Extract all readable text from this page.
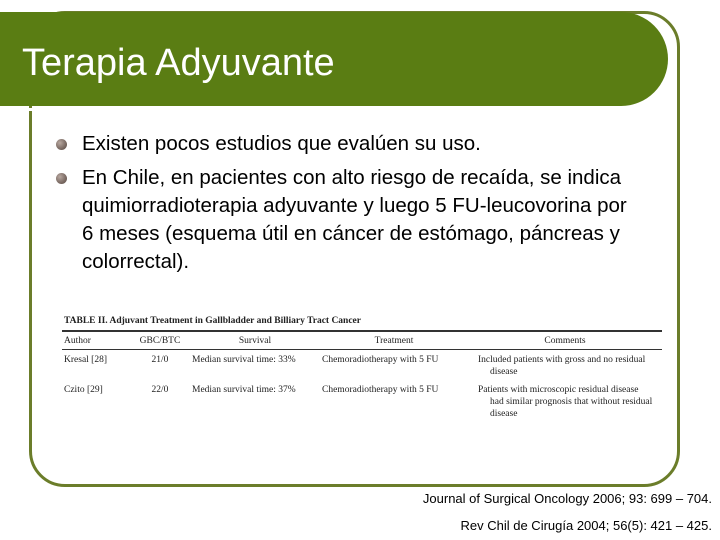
Terapia Adyuvante
Existen pocos estudios que evalúen su uso.
En Chile, en pacientes con alto riesgo de recaída, se indica quimiorradioterapia adyuvante y luego 5 FU-leucovorina por 6 meses (esquema útil en cáncer de estómago, páncreas y colorrectal).
TABLE II. Adjuvant Treatment in Gallbladder and Billiary Tract Cancer
Author	GBC/BTC	Survival	Treatment	Comments
Kresal [28]	21/0	Median survival time: 33%	Chemoradiotherapy with 5 FU	Included patients with gross and no residual
disease

Czito [29]	22/0	Median survival time: 37%	Chemoradiotherapy with 5 FU	Patients with microscopic residual disease
had similar prognosis that without residual
disease
Journal of Surgical Oncology 2006; 93: 699 – 704.
Rev Chil de Cirugía 2004; 56(5): 421 – 425.
